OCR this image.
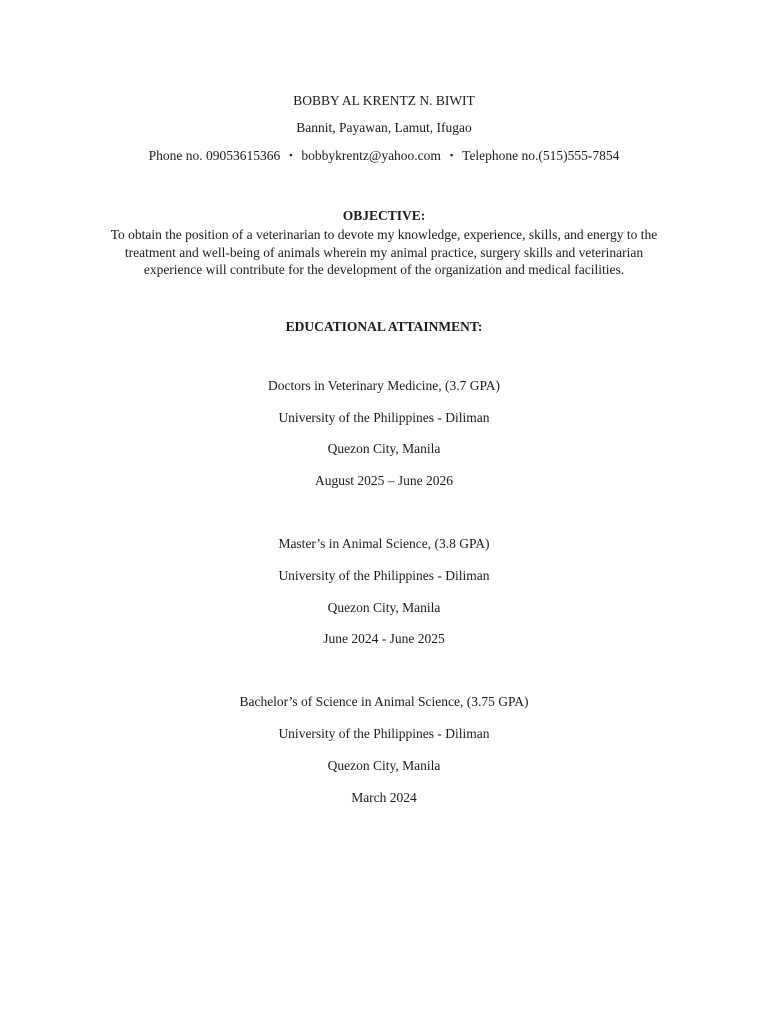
BOBBY AL KRENTZ N. BIWIT
Bannit, Payawan, Lamut, Ifugao
Phone no. 09053615366 ▪ bobbykrentz@yahoo.com ▪ Telephone no.(515)555-7854
OBJECTIVE:
To obtain the position of a veterinarian to devote my knowledge, experience, skills, and energy to the treatment and well-being of animals wherein my animal practice, surgery skills and veterinarian experience will contribute for the development of the organization and medical facilities.
EDUCATIONAL ATTAINMENT:
Doctors in Veterinary Medicine, (3.7 GPA)
University of the Philippines - Diliman
Quezon City, Manila
August 2025 – June 2026
Master’s in Animal Science, (3.8 GPA)
University of the Philippines - Diliman
Quezon City, Manila
June 2024 - June 2025
Bachelor’s of Science in Animal Science, (3.75 GPA)
University of the Philippines - Diliman
Quezon City, Manila
March 2024
